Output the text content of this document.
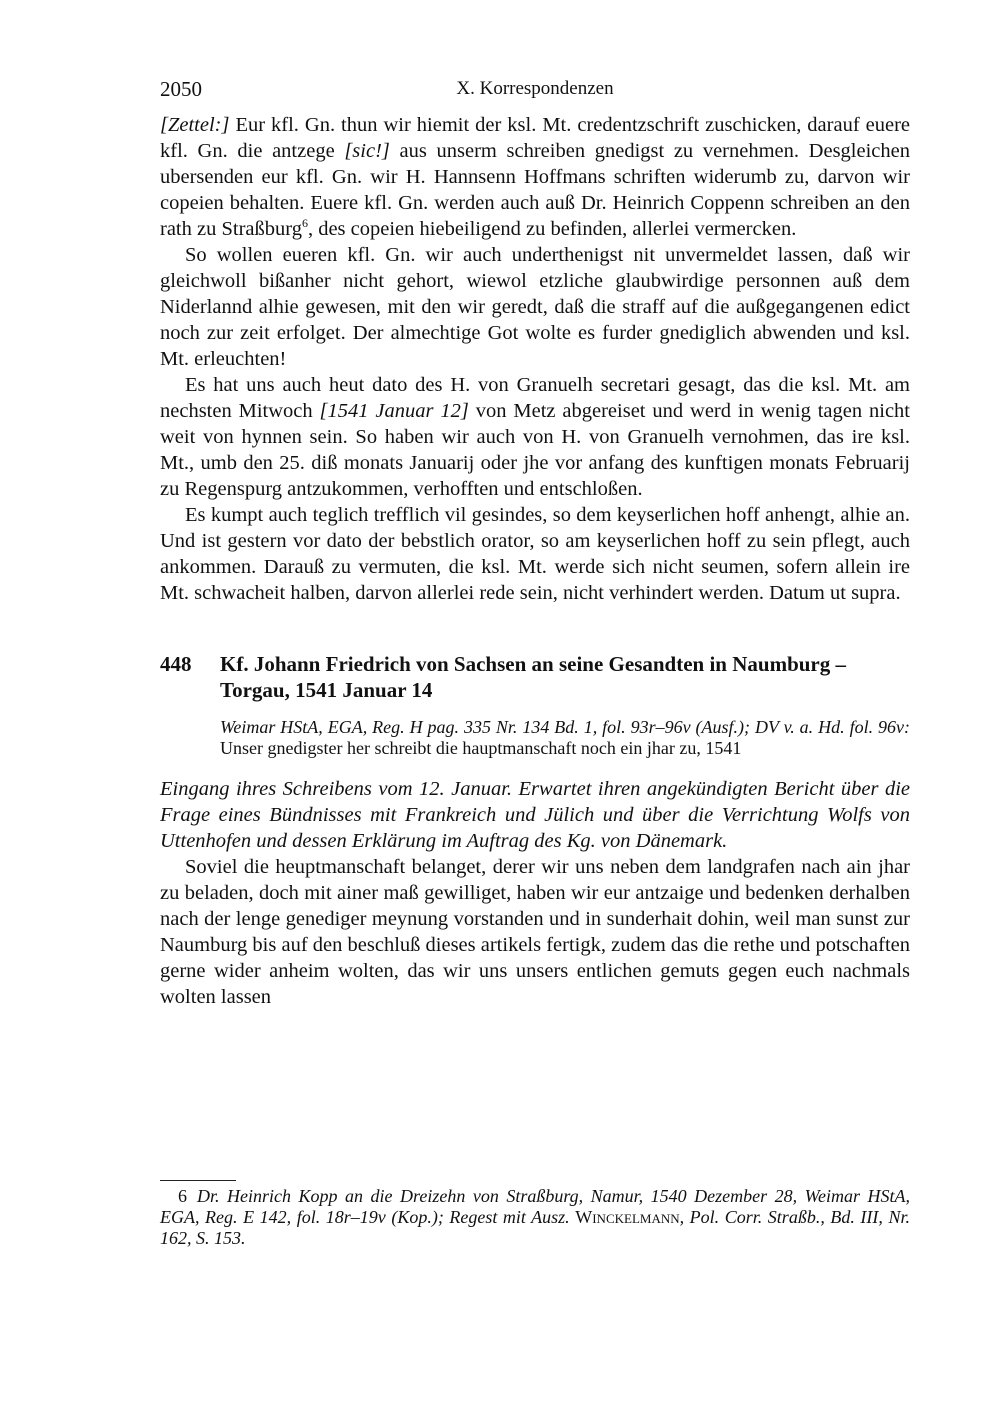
2050	X. Korrespondenzen

[Zettel:] Eur kfl. Gn. thun wir hiemit der ksl. Mt. credentzschrift zuschicken, darauf euere kfl. Gn. die antzege [sic!] aus unserm schreiben gnedigst zu vernehmen. Desgleichen ubersenden eur kfl. Gn. wir H. Hannsenn Hoffmans schriften widerumb zu, darvon wir copeien behalten. Euere kfl. Gn. werden auch auß Dr. Heinrich Coppenn schreiben an den rath zu Straßburg$^6$, des copeien hiebeiligend zu befinden, allerlei vermercken.

So wollen eueren kfl. Gn. wir auch underthenigst nit unvermeldet lassen, daß wir gleichwoll bißanher nicht gehort, wiewol etzliche glaubwirdige personnen auß dem Niderlannd alhie gewesen, mit den wir geredt, daß die straff auf die außgegangenen edict noch zur zeit erfolget. Der almechtige Got wolte es furder gnediglich abwenden und ksl. Mt. erleuchten!

Es hat uns auch heut dato des H. von Granuelh secretari gesagt, das die ksl. Mt. am nechsten Mitwoch [1541 Januar 12] von Metz abgereiset und werd in wenig tagen nicht weit von hynnen sein. So haben wir auch von H. von Granuelh vernohmen, das ire ksl. Mt., umb den 25. diß monats Januarij oder jhe vor anfang des kunftigen monats Februarij zu Regenspurg antzukommen, verhofften und entschloßen.

Es kumpt auch teglich trefflich vil gesindes, so dem keyserlichen hoff anhengt, alhie an. Und ist gestern vor dato der bebstlich orator, so am keyserlichen hoff zu sein pflegt, auch ankommen. Darauß zu vermuten, die ksl. Mt. werde sich nicht seumen, sofern allein ire Mt. schwacheit halben, darvon allerlei rede sein, nicht verhindert werden. Datum ut supra.

448	Kf. Johann Friedrich von Sachsen an seine Gesandten in Naumburg – Torgau, 1541 Januar 14
Weimar HStA, EGA, Reg. H pag. 335 Nr. 134 Bd. 1, fol. 93r–96v (Ausf.); DV v. a. Hd. fol. 96v: Unser gnedigster her schreibt die hauptmanschaft noch ein jhar zu, 1541

Eingang ihres Schreibens vom 12. Januar. Erwartet ihren angekündigten Bericht über die Frage eines Bündnisses mit Frankreich und Jülich und über die Verrichtung Wolfs von Uttenhofen und dessen Erklärung im Auftrag des Kg. von Dänemark.

Soviel die heuptmanschaft belanget, derer wir uns neben dem landgrafen nach ain jhar zu beladen, doch mit ainer maß gewilliget, haben wir eur antzaige und bedenken derhalben nach der lenge genediger meynung vorstanden und in sunderhait dohin, weil man sunst zur Naumburg bis auf den beschluß dieses artikels fertigk, zudem das die rethe und potschaften gerne wider anheim wolten, das wir uns unsers entlichen gemuts gegen euch nachmals wolten lassen

6 Dr. Heinrich Kopp an die Dreizehn von Straßburg, Namur, 1540 Dezember 28, Weimar HStA, EGA, Reg. E 142, fol. 18r–19v (Kop.); Regest mit Ausz. Winckelmann, Pol. Corr. Straßb., Bd. III, Nr. 162, S. 153.
